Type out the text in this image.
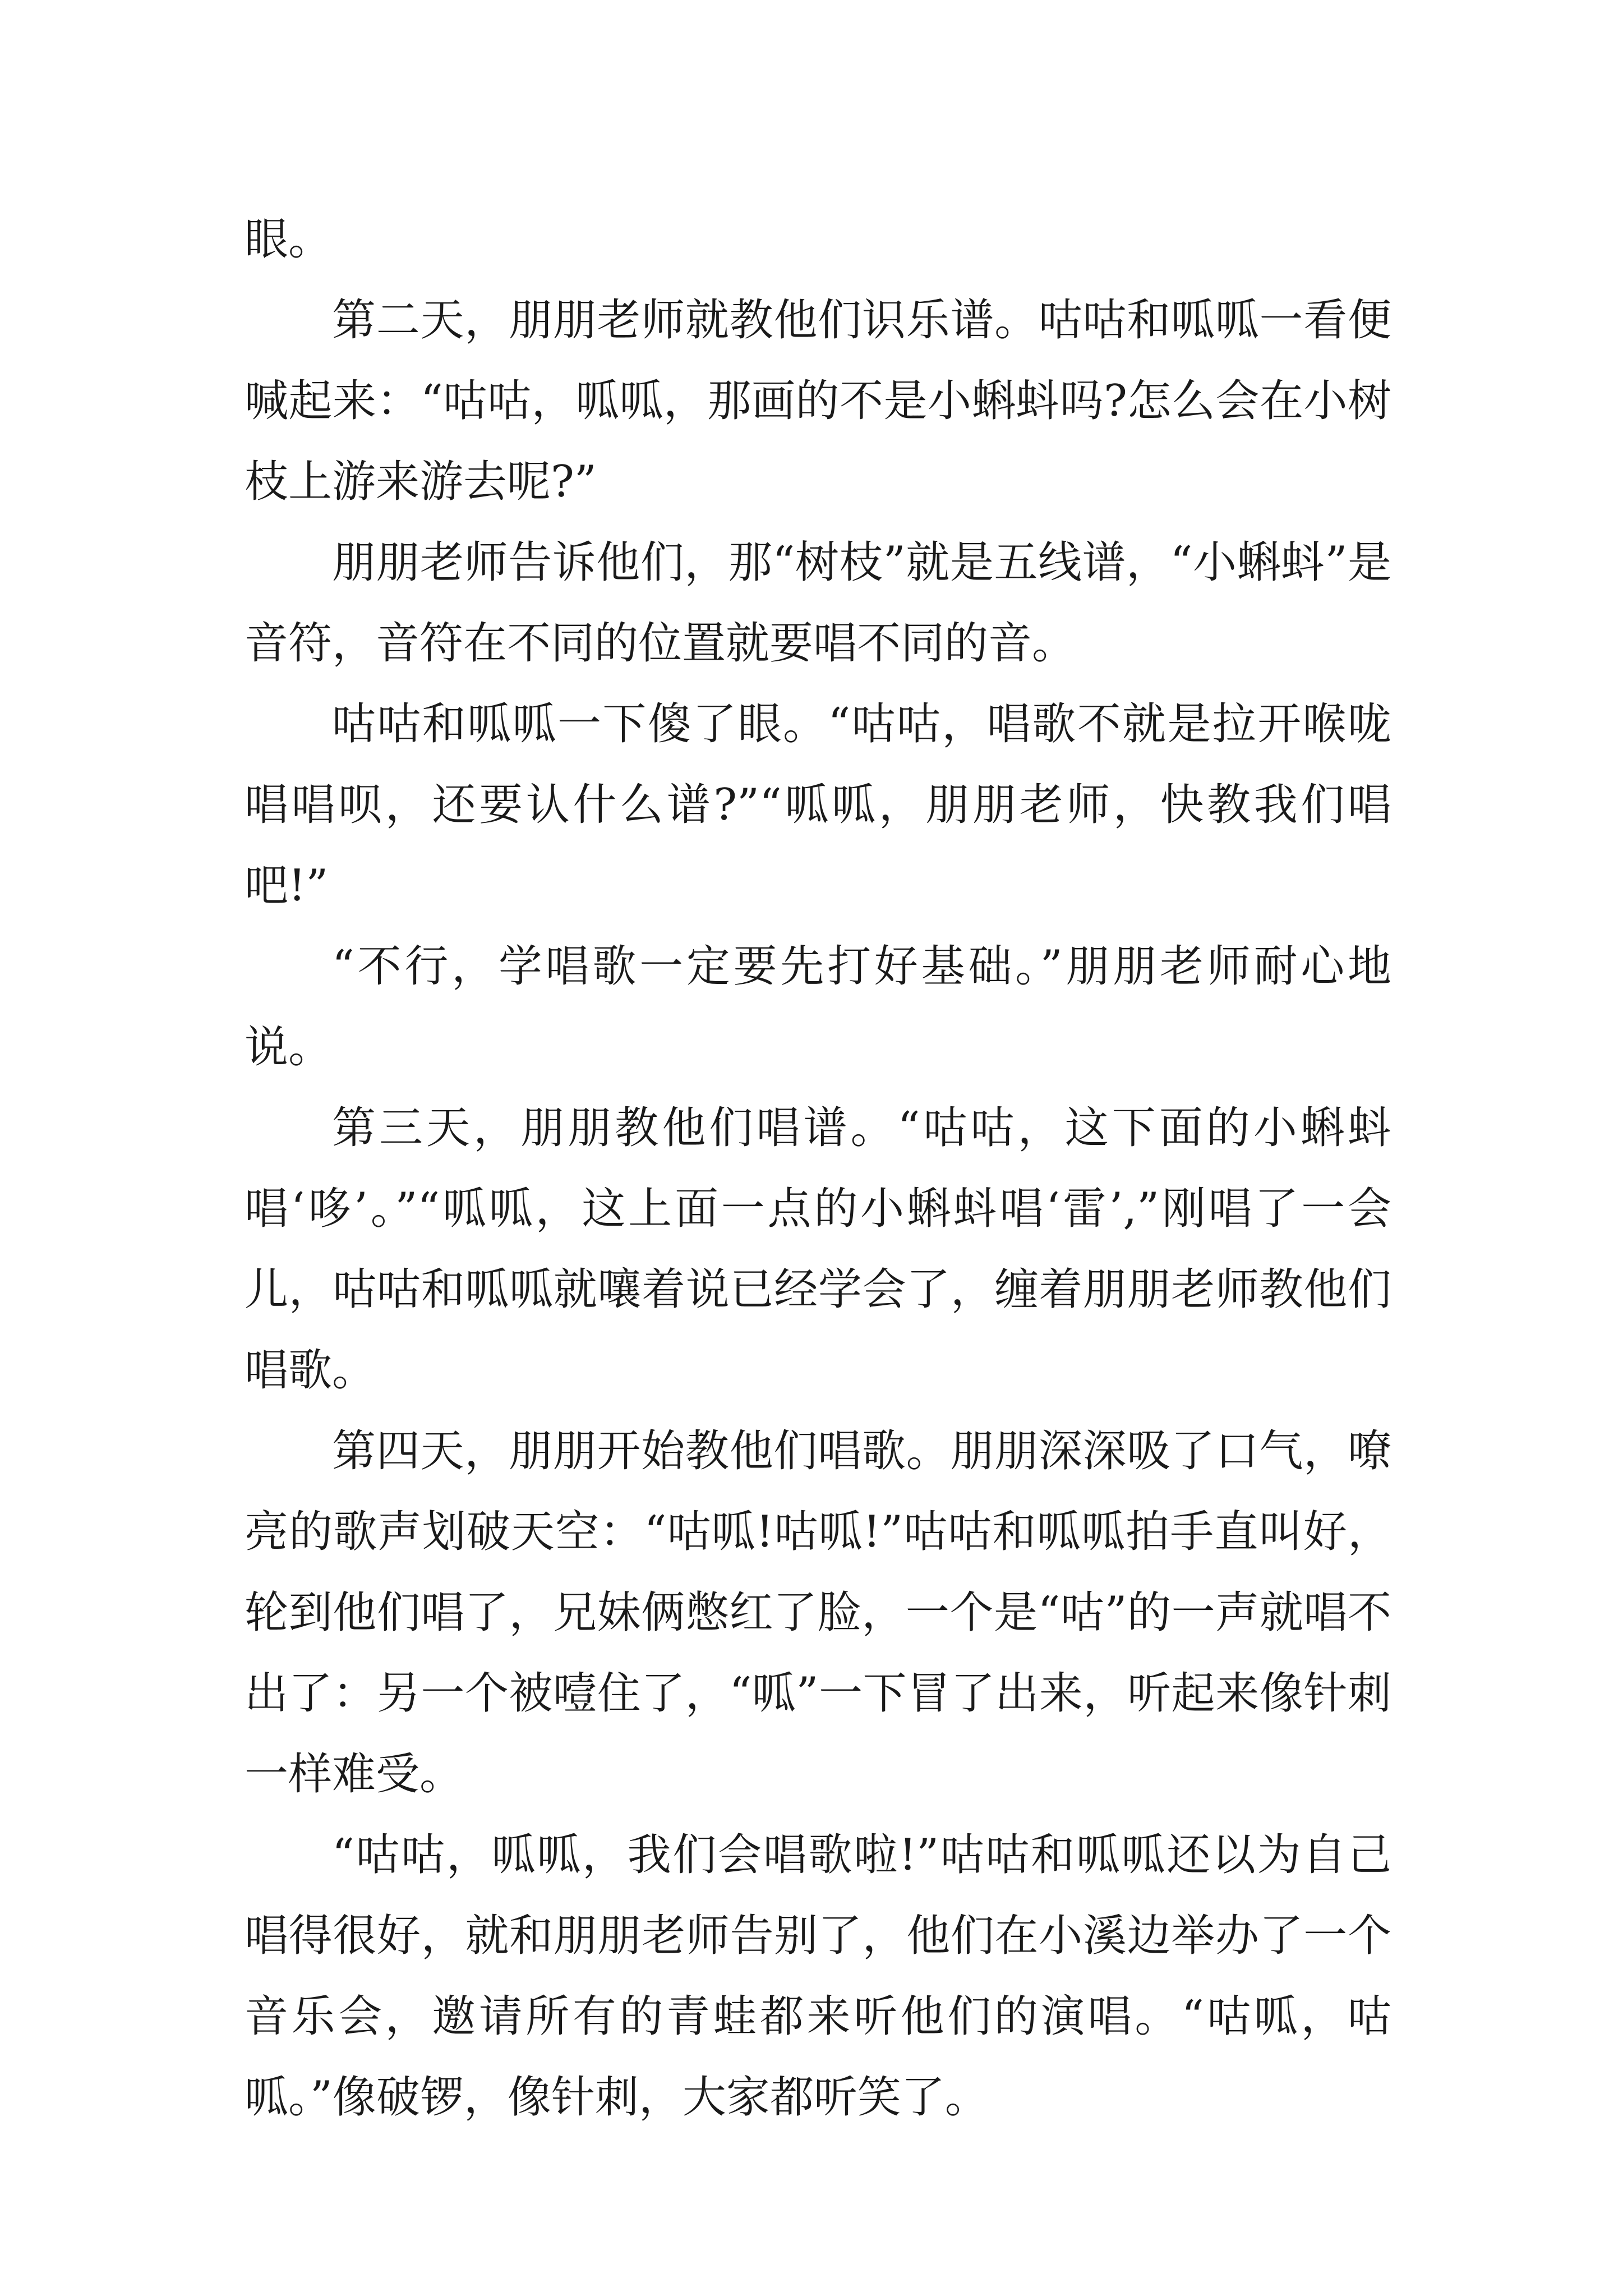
眼。

第二天，朋朋老师就教他们识乐谱。咕咕和呱呱一看便喊起来：“咕咕，呱呱，那画的不是小蝌蚪吗?怎么会在小树枝上游来游去呢?”

朋朋老师告诉他们，那“树枝”就是五线谱，“小蝌蚪”是音符，音符在不同的位置就要唱不同的音。

咕咕和呱呱一下傻了眼。“咕咕，唱歌不就是拉开喉咙唱唱呗，还要认什么谱?”“呱呱，朋朋老师，快教我们唱吧!”

“不行，学唱歌一定要先打好基础。”朋朋老师耐心地说。

第三天，朋朋教他们唱谱。“咕咕，这下面的小蝌蚪唱‘哆’。”“呱呱，这上面一点的小蝌蚪唱‘雷’,”刚唱了一会儿，咕咕和呱呱就嚷着说已经学会了，缠着朋朋老师教他们唱歌。

第四天，朋朋开始教他们唱歌。朋朋深深吸了口气，嘹亮的歌声划破天空：“咕呱!咕呱!”咕咕和呱呱拍手直叫好，轮到他们唱了，兄妹俩憋红了脸，一个是“咕”的一声就唱不出了：另一个被噎住了，“呱”一下冒了出来，听起来像针刺一样难受。

“咕咕，呱呱，我们会唱歌啦!”咕咕和呱呱还以为自己唱得很好，就和朋朋老师告别了，他们在小溪边举办了一个音乐会，邀请所有的青蛙都来听他们的演唱。“咕呱，咕呱。”像破锣，像针刺，大家都听笑了。
